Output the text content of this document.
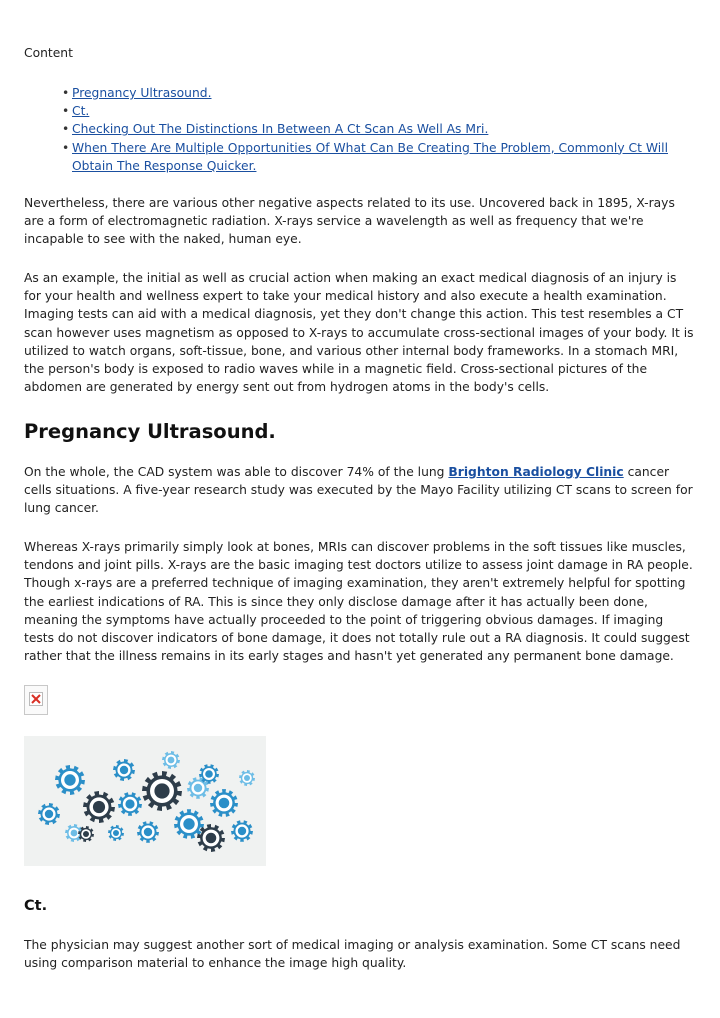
Content

• Pregnancy Ultrasound.
• Ct.
• Checking Out The Distinctions In Between A Ct Scan As Well As Mri.
• When There Are Multiple Opportunities Of What Can Be Creating The Problem, Commonly Ct Will Obtain The Response Quicker.

Nevertheless, there are various other negative aspects related to its use. Uncovered back in 1895, X-rays are a form of electromagnetic radiation. X-rays service a wavelength as well as frequency that we're incapable to see with the naked, human eye.

As an example, the initial as well as crucial action when making an exact medical diagnosis of an injury is for your health and wellness expert to take your medical history and also execute a health examination. Imaging tests can aid with a medical diagnosis, yet they don't change this action. This test resembles a CT scan however uses magnetism as opposed to X-rays to accumulate cross-sectional images of your body. It is utilized to watch organs, soft-tissue, bone, and various other internal body frameworks. In a stomach MRI, the person's body is exposed to radio waves while in a magnetic field. Cross-sectional pictures of the abdomen are generated by energy sent out from hydrogen atoms in the body's cells.

Pregnancy Ultrasound.

On the whole, the CAD system was able to discover 74% of the lung Brighton Radiology Clinic cancer cells situations. A five-year research study was executed by the Mayo Facility utilizing CT scans to screen for lung cancer.

Whereas X-rays primarily simply look at bones, MRIs can discover problems in the soft tissues like muscles, tendons and joint pills. X-rays are the basic imaging test doctors utilize to assess joint damage in RA people. Though x-rays are a preferred technique of imaging examination, they aren't extremely helpful for spotting the earliest indications of RA. This is since they only disclose damage after it has actually been done, meaning the symptoms have actually proceeded to the point of triggering obvious damages. If imaging tests do not discover indicators of bone damage, it does not totally rule out a RA diagnosis. It could suggest rather that the illness remains in its early stages and hasn't yet generated any permanent bone damage.

Ct.

The physician may suggest another sort of medical imaging or analysis examination. Some CT scans need using comparison material to enhance the image high quality.
